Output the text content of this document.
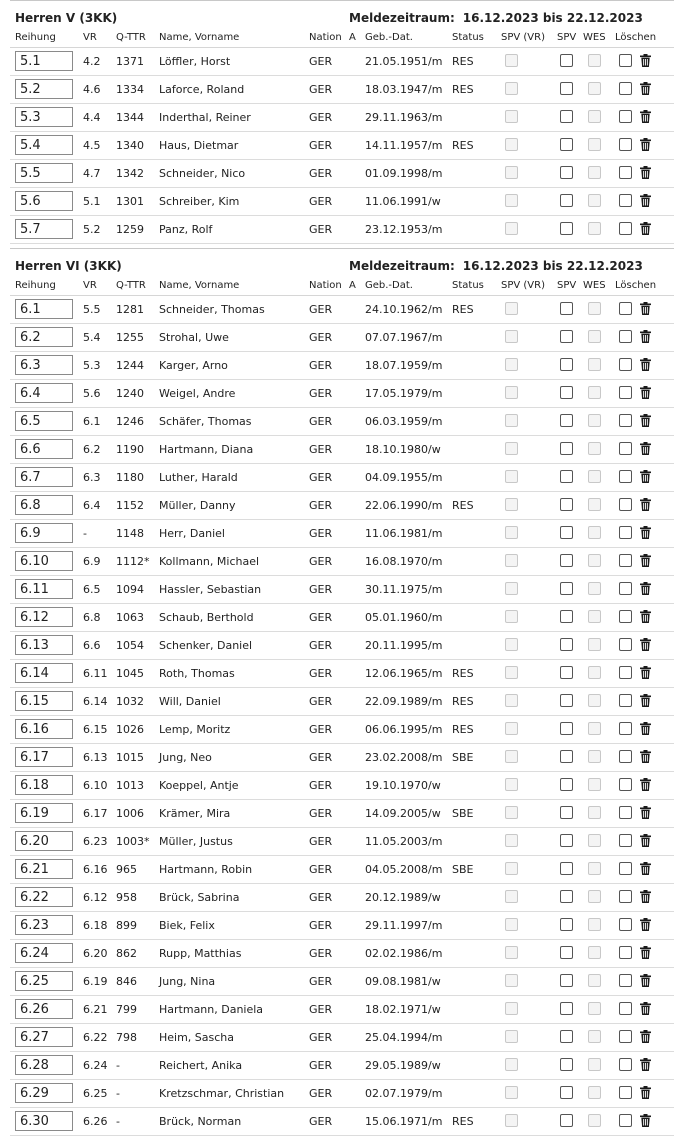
Herren V (3KK)	Meldezeitraum: 16.12.2023 bis 22.12.2023
Reihung	VR Q-TTR Name, Vorname	Nation A Geb.-Dat.	Status SPV (VR) SPV WES Löschen
5.1	4.2 1371 Löffler, Horst	GER	21.05.1951/m RES
5.2	4.6 1334 Laforce, Roland	GER	18.03.1947/m RES
5.3	4.4 1344 Inderthal, Reiner	GER	29.11.1963/m
5.4	4.5 1340 Haus, Dietmar	GER	14.11.1957/m RES
5.5	4.7 1342 Schneider, Nico	GER	01.09.1998/m
5.6	5.1 1301 Schreiber, Kim	GER	11.06.1991/w
5.7	5.2 1259 Panz, Rolf	GER	23.12.1953/m
Herren VI (3KK)	Meldezeitraum: 16.12.2023 bis 22.12.2023
Reihung	VR Q-TTR Name, Vorname	Nation A Geb.-Dat.	Status SPV (VR) SPV WES Löschen
6.1	5.5 1281 Schneider, Thomas	GER	24.10.1962/m RES
6.2	5.4 1255 Strohal, Uwe	GER	07.07.1967/m
6.3	5.3 1244 Karger, Arno	GER	18.07.1959/m
6.4	5.6 1240 Weigel, Andre	GER	17.05.1979/m
6.5	6.1 1246 Schäfer, Thomas	GER	06.03.1959/m
6.6	6.2 1190 Hartmann, Diana	GER	18.10.1980/w
6.7	6.3 1180 Luther, Harald	GER	04.09.1955/m
6.8	6.4 1152 Müller, Danny	GER	22.06.1990/m RES
6.9	-	1148 Herr, Daniel	GER	11.06.1981/m
6.10	6.9 1112* Kollmann, Michael	GER	16.08.1970/m
6.11	6.5 1094 Hassler, Sebastian	GER	30.11.1975/m
6.12	6.8 1063 Schaub, Berthold	GER	05.01.1960/m
6.13	6.6 1054 Schenker, Daniel	GER	20.11.1995/m
6.14	6.11 1045 Roth, Thomas	GER	12.06.1965/m RES
6.15	6.14 1032 Will, Daniel	GER	22.09.1989/m RES
6.16	6.15 1026 Lemp, Moritz	GER	06.06.1995/m RES
6.17	6.13 1015 Jung, Neo	GER	23.02.2008/m SBE
6.18	6.10 1013 Koeppel, Antje	GER	19.10.1970/w
6.19	6.17 1006 Krämer, Mira	GER	14.09.2005/w SBE
6.20	6.23 1003* Müller, Justus	GER	11.05.2003/m
6.21	6.16 965 Hartmann, Robin	GER	04.05.2008/m SBE
6.22	6.12 958 Brück, Sabrina	GER	20.12.1989/w
6.23	6.18 899 Biek, Felix	GER	29.11.1997/m
6.24	6.20 862 Rupp, Matthias	GER	02.02.1986/m
6.25	6.19 846 Jung, Nina	GER	09.08.1981/w
6.26	6.21 799 Hartmann, Daniela	GER	18.02.1971/w
6.27	6.22 798 Heim, Sascha	GER	25.04.1994/m
6.28	6.24 -	Reichert, Anika	GER	29.05.1989/w
6.29	6.25 -	Kretzschmar, Christian GER	02.07.1979/m
6.30	6.26 -	Brück, Norman	GER	15.06.1971/m RES
